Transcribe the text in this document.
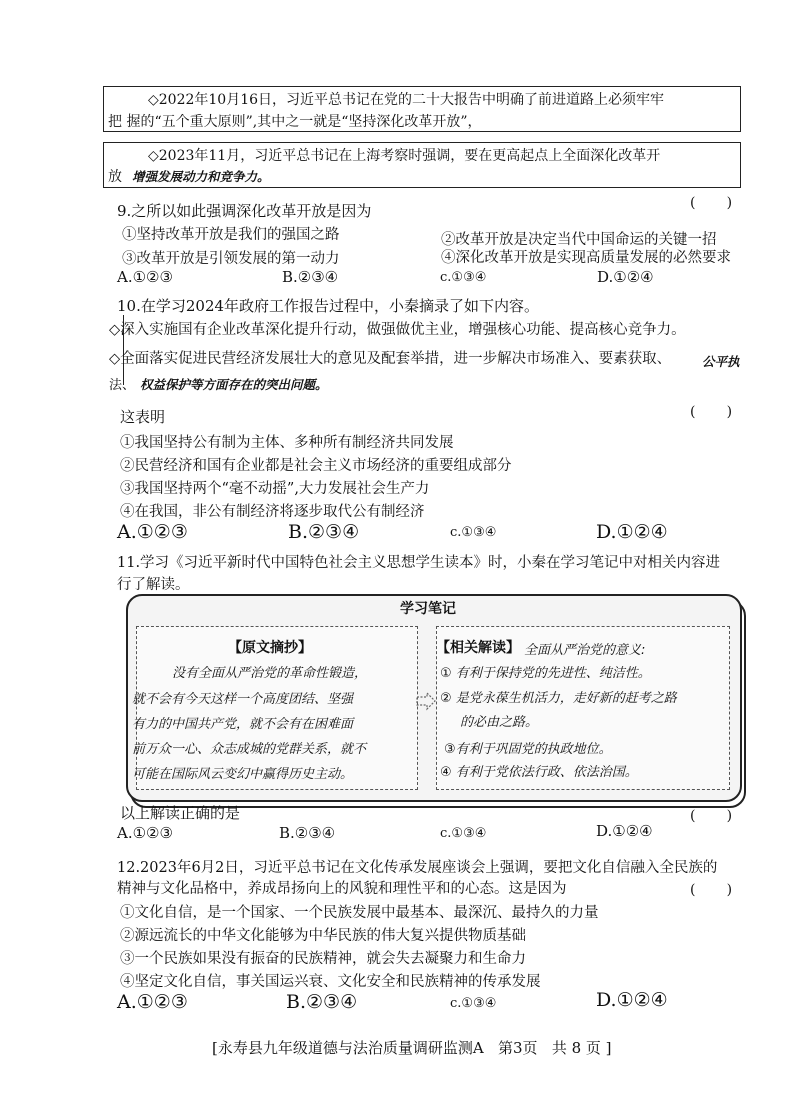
◇2022年10月16日，习近平总书记在党的二十大报告中明确了前进道路上必须牢牢
把 握的“五个重大原则”,其中之一就是“坚持深化改革开放”，
◇2023年11月，习近平总书记在上海考察时强调，要在更高起点上全面深化改革开
放 增强发展动力和竞争力。
9.之所以如此强调深化改革开放是因为	(       )
①坚持改革开放是我们的强国之路	②改革开放是决定当代中国命运的关键一招
③改革开放是引领发展的第一动力	④深化改革开放是实现高质量发展的必然要求
A.①②③	B.②③④	c.①③④	D.①②④
10.在学习2024年政府工作报告过程中，小秦摘录了如下内容。
◇深入实施国有企业改革深化提升行动，做强做优主业，增强核心功能、提高核心竞争力。
◇全面落实促进民营经济发展壮大的意见及配套举措，进一步解决市场准入、要素获取、 公平执
法、 权益保护等方面存在的突出问题。
这表明	(       )
①我国坚持公有制为主体、多种所有制经济共同发展
②民营经济和国有企业都是社会主义市场经济的重要组成部分
③我国坚持两个“毫不动摇”,大力发展社会生产力
④在我国，非公有制经济将逐步取代公有制经济
A.①②③	B.②③④	c.①③④	D.①②④
11.学习《习近平新时代中国特色社会主义思想学生读本》时，小秦在学习笔记中对相关内容进
行了解读。
学习笔记
【原文摘抄】
没有全面从严治党的革命性锻造，
就不会有今天这样一个高度团结、坚强
有力的中国共产党，就不会有在困难面
前万众一心、众志成城的党群关系，就不
可能在国际风云变幻中赢得历史主动。
【相关解读】 全面从严治党的意义:
① 有利于保持党的先进性、纯洁性。
② 是党永葆生机活力，走好新的赶考之路
的必由之路。
③有利于巩固党的执政地位。
④ 有利于党依法行政、依法治国。
以上解读正确的是	(       )
A.①②③	B.②③④	c.①③④	D.①②④
12.2023年6月2日，习近平总书记在文化传承发展座谈会上强调，要把文化自信融入全民族的
精神与文化品格中，养成昂扬向上的风貌和理性平和的心态。这是因为	(       )
①文化自信，是一个国家、一个民族发展中最基本、最深沉、最持久的力量
②源远流长的中华文化能够为中华民族的伟大复兴提供物质基础
③一个民族如果没有振奋的民族精神，就会失去凝聚力和生命力
④坚定文化自信，事关国运兴衰、文化安全和民族精神的传承发展
A.①②③	B.②③④	c.①③④	D.①②④
[永寿县九年级道德与法治质量调研监测A   第3页   共 8 页 ]
